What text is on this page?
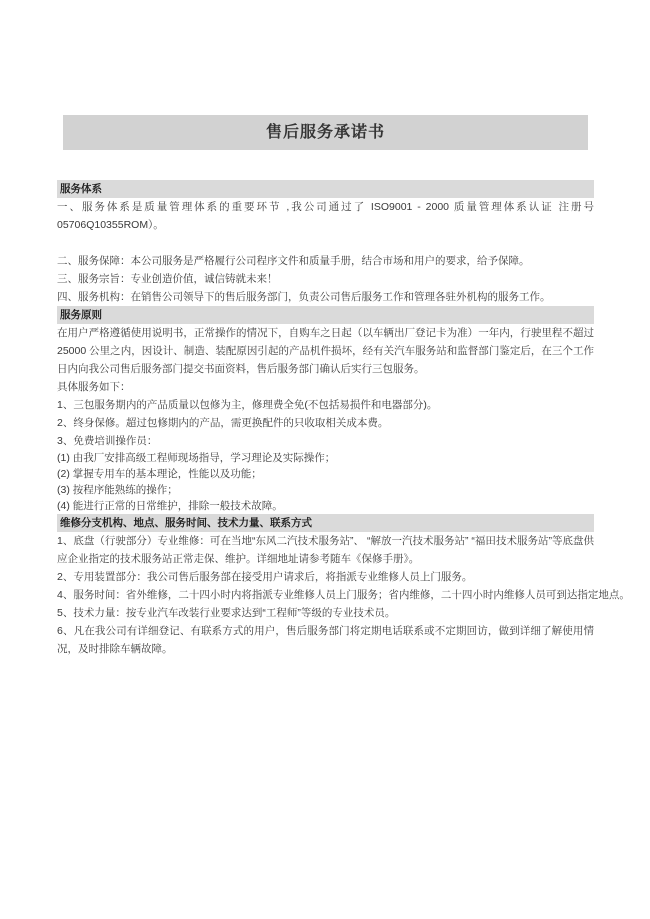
售后服务承诺书
服务体系

一、服务体系是质量管理体系的重要环节 ,我公司通过了 ISO9001 - 2000 质量管理体系认证 注册号 05706Q10355ROM）。

二、服务保障：本公司服务是严格履行公司程序文件和质量手册，结合市场和用户的要求，给予保障。

三、服务宗旨：专业创造价值，诚信铸就未来！

四、服务机构：在销售公司领导下的售后服务部门，负责公司售后服务工作和管理各驻外机构的服务工作。

服务原则

在用户严格遵循使用说明书，正常操作的情况下，自购车之日起（以车辆出厂登记卡为准）一年内，行驶里程不超过 25000 公里之内，因设计、制造、装配原因引起的产品机件损坏，经有关汽车服务站和监督部门鉴定后，在三个工作日内向我公司售后服务部门提交书面资料，售后服务部门确认后实行三包服务。

具体服务如下：

1、三包服务期内的产品质量以包修为主，修理费全免(不包括易损件和电器部分)。

2、终身保修。超过包修期内的产品，需更换配件的只收取相关成本费。

3、免费培训操作员：

(1) 由我厂安排高级工程师现场指导，学习理论及实际操作；

(2) 掌握专用车的基本理论，性能以及功能；

(3) 按程序能熟练的操作；

(4) 能进行正常的日常维护，排除一般技术故障。

维修分支机构、地点、服务时间、技术力量、联系方式

1、底盘（行驶部分）专业维修：可在当地“东风二汽技术服务站”、 “解放一汽技术服务站” “福田技术服务站”等底盘供应企业指定的技术服务站正常走保、维护。详细地址请参考随车《保修手册》。

2、专用装置部分：我公司售后服务部在接受用户请求后，将指派专业维修人员上门服务。

4、服务时间：省外维修，二十四小时内将指派专业维修人员上门服务；省内维修，二十四小时内维修人员可到达指定地点。

5、技术力量：按专业汽车改装行业要求达到“工程师”等级的专业技术员。

6、凡在我公司有详细登记、有联系方式的用户，售后服务部门将定期电话联系或不定期回访，做到详细了解使用情况，及时排除车辆故障。
